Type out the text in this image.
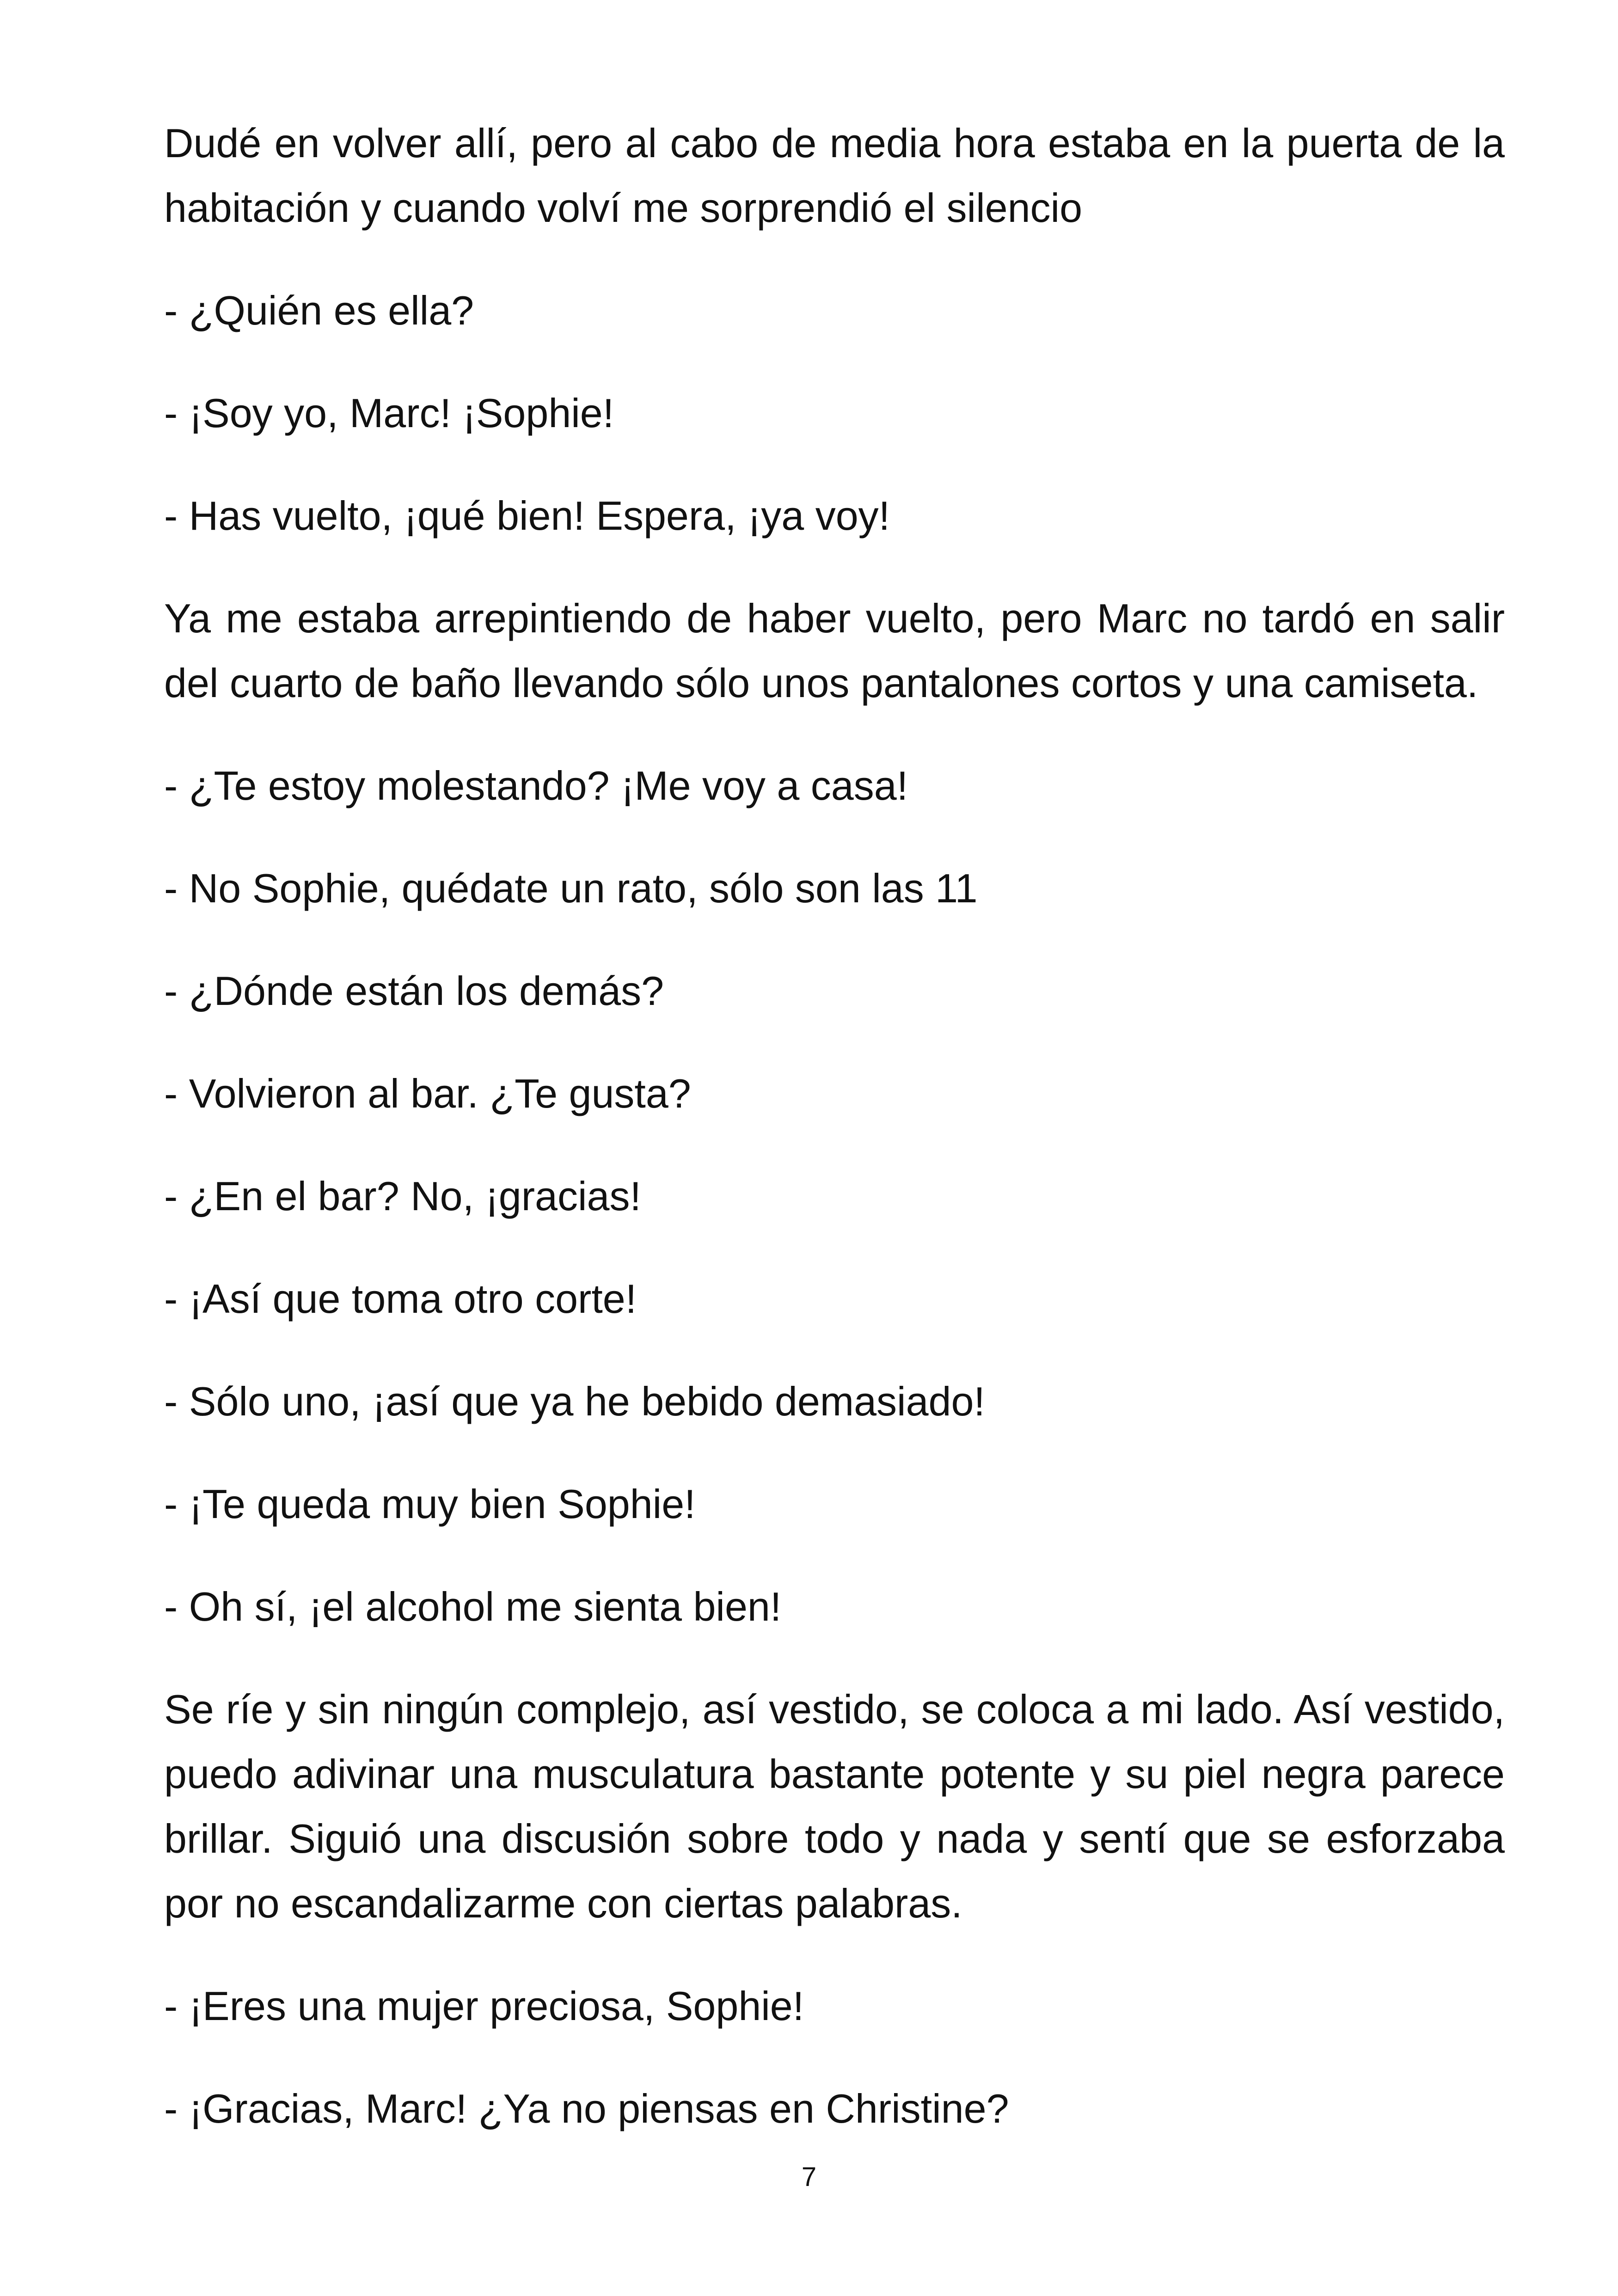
Dudé en volver allí, pero al cabo de media hora estaba en la puerta de la habitación y cuando volví me sorprendió el silencio

- ¿Quién es ella?

- ¡Soy yo, Marc! ¡Sophie!

- Has vuelto, ¡qué bien! Espera, ¡ya voy!

Ya me estaba arrepintiendo de haber vuelto, pero Marc no tardó en salir del cuarto de baño llevando sólo unos pantalones cortos y una camiseta.

- ¿Te estoy molestando? ¡Me voy a casa!

- No Sophie, quédate un rato, sólo son las 11

- ¿Dónde están los demás?

- Volvieron al bar. ¿Te gusta?

- ¿En el bar? No, ¡gracias!

- ¡Así que toma otro corte!

- Sólo uno, ¡así que ya he bebido demasiado!

- ¡Te queda muy bien Sophie!

- Oh sí, ¡el alcohol me sienta bien!

Se ríe y sin ningún complejo, así vestido, se coloca a mi lado. Así vestido, puedo adivinar una musculatura bastante potente y su piel negra parece brillar. Siguió una discusión sobre todo y nada y sentí que se esforzaba por no escandalizarme con ciertas palabras.

- ¡Eres una mujer preciosa, Sophie!

- ¡Gracias, Marc! ¿Ya no piensas en Christine?

7
